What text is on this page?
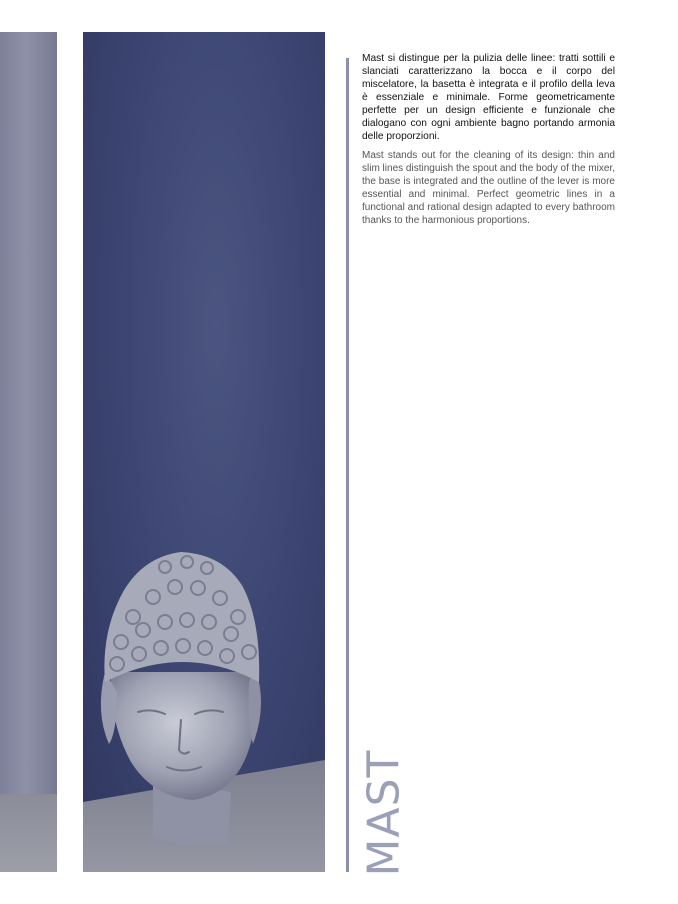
Mast si distingue per la pulizia delle linee: tratti sottili e slanciati caratterizzano la bocca e il corpo del miscelatore, la basetta è integrata e il profilo della leva è essenziale e minimale. Forme geometricamente perfette per un design efficiente e funzionale che dialogano con ogni ambiente bagno portando armonia delle proporzioni.

Mast stands out for the cleaning of its design: thin and slim lines distinguish the spout and the body of the mixer, the base is integrated and the outline of the lever is more essential and minimal. Perfect geometric lines in a functional and rational design adapted to every bathroom thanks to the harmonious proportions.

MAST
